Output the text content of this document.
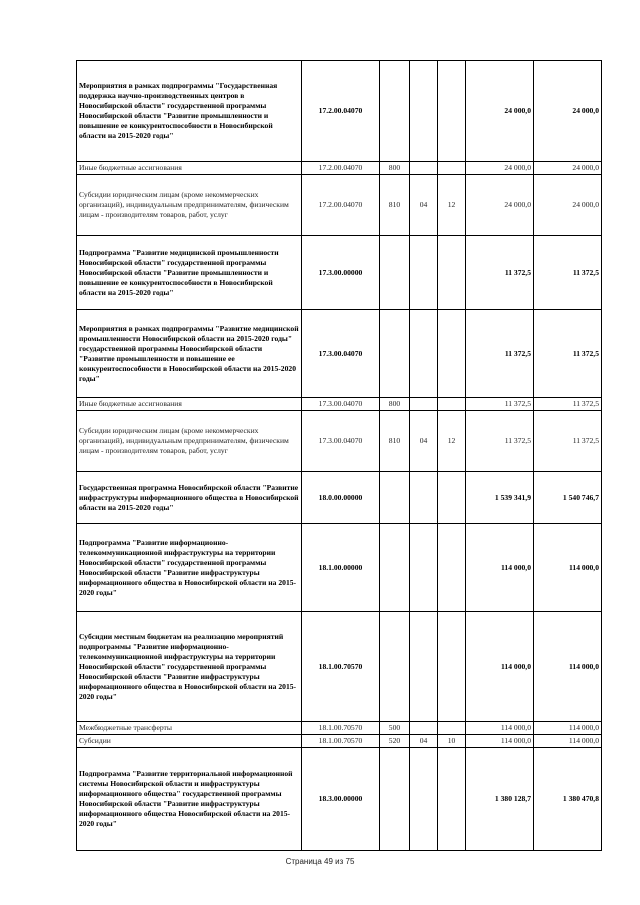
Мероприятия в рамках подпрограммы "Государственная поддержка научно-производственных центров в Новосибирской области" государственной программы Новосибирской области "Развитие промышленности и повышение ее конкурентоспособности в Новосибирской области на 2015-2020 годы"	17.2.00.04070				24 000,0	24 000,0
Иные бюджетные ассигнования	17.2.00.04070	800			24 000,0	24 000,0
Субсидии юридическим лицам (кроме некоммерческих организаций), индивидуальным предпринимателям, физическим лицам - производителям товаров, работ, услуг	17.2.00.04070	810	04	12	24 000,0	24 000,0
Подпрограмма "Развитие медицинской промышленности Новосибирской области" государственной программы Новосибирской области "Развитие промышленности и повышение ее конкурентоспособности в Новосибирской области на 2015-2020 годы"	17.3.00.00000				11 372,5	11 372,5
Мероприятия в рамках подпрограммы "Развитие медицинской промышленности Новосибирской области на 2015-2020 годы" государственной программы Новосибирской области "Развитие промышленности и повышение ее конкурентоспособности в Новосибирской области на 2015-2020 годы"	17.3.00.04070				11 372,5	11 372,5
Иные бюджетные ассигнования	17.3.00.04070	800			11 372,5	11 372,5
Субсидии юридическим лицам (кроме некоммерческих организаций), индивидуальным предпринимателям, физическим лицам - производителям товаров, работ, услуг	17.3.00.04070	810	04	12	11 372,5	11 372,5
Государственная программа Новосибирской области "Развитие инфраструктуры информационного общества в Новосибирской области на 2015-2020 годы"	18.0.00.00000				1 539 341,9	1 540 746,7
Подпрограмма "Развитие информационно-телекоммуникационной инфраструктуры на территории Новосибирской области" государственной программы Новосибирской области "Развитие инфраструктуры информационного общества в Новосибирской области на 2015-2020 годы"	18.1.00.00000				114 000,0	114 000,0
Субсидии местным бюджетам на реализацию мероприятий подпрограммы "Развитие информационно-телекоммуникационной инфраструктуры на территории Новосибирской области" государственной программы Новосибирской области "Развитие инфраструктуры информационного общества в Новосибирской области на 2015-2020 годы"	18.1.00.70570				114 000,0	114 000,0
Межбюджетные трансферты	18.1.00.70570	500			114 000,0	114 000,0
Субсидии	18.1.00.70570	520	04	10	114 000,0	114 000,0
Подпрограмма "Развитие территориальной информационной системы Новосибирской области и инфраструктуры информационного общества" государственной программы Новосибирской области "Развитие инфраструктуры информационного общества Новосибирской области на 2015-2020 годы"	18.3.00.00000				1 380 128,7	1 380 470,8
Страница 49 из 75
